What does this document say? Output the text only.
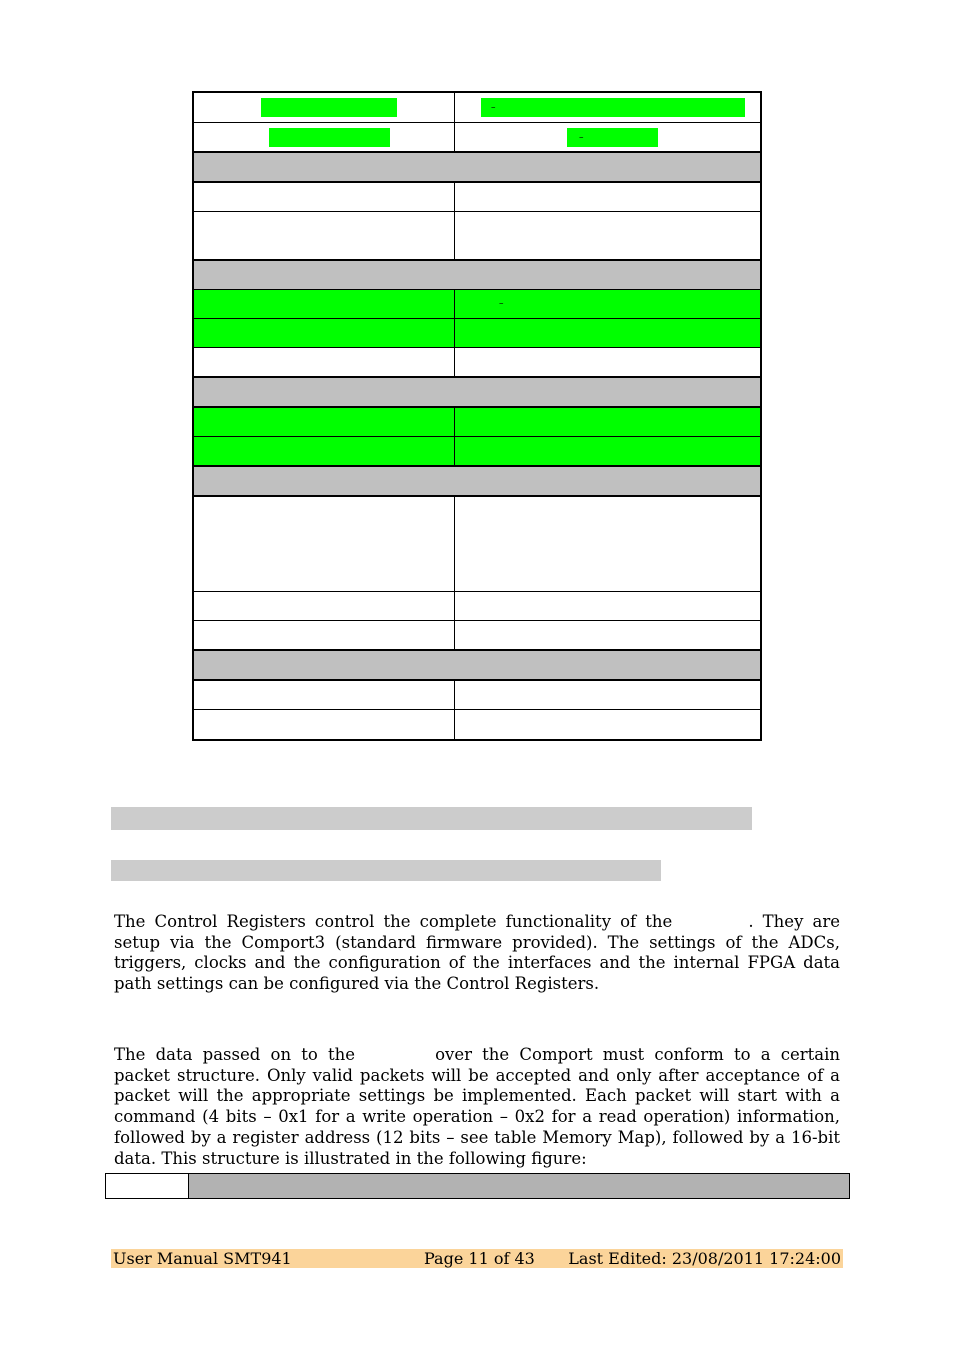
–
–
–
The Control Registers control the complete functionality of the	. They are
setup via the Comport3 (standard firmware provided). The settings of the ADCs,
triggers, clocks and the configuration of the interfaces and the internal FPGA data
path settings can be configured via the Control Registers.
The data passed on to the	over the Comport must conform to a certain
packet structure. Only valid packets will be accepted and only after acceptance of a
packet will the appropriate settings be implemented. Each packet will start with a
command (4 bits – 0x1 for a write operation – 0x2 for a read operation) information,
followed by a register address (12 bits – see table Memory Map), followed by a 16-bit
data. This structure is illustrated in the following figure:
User Manual SMT941	Page 11 of 43 Last Edited: 23/08/2011 17:24:00
